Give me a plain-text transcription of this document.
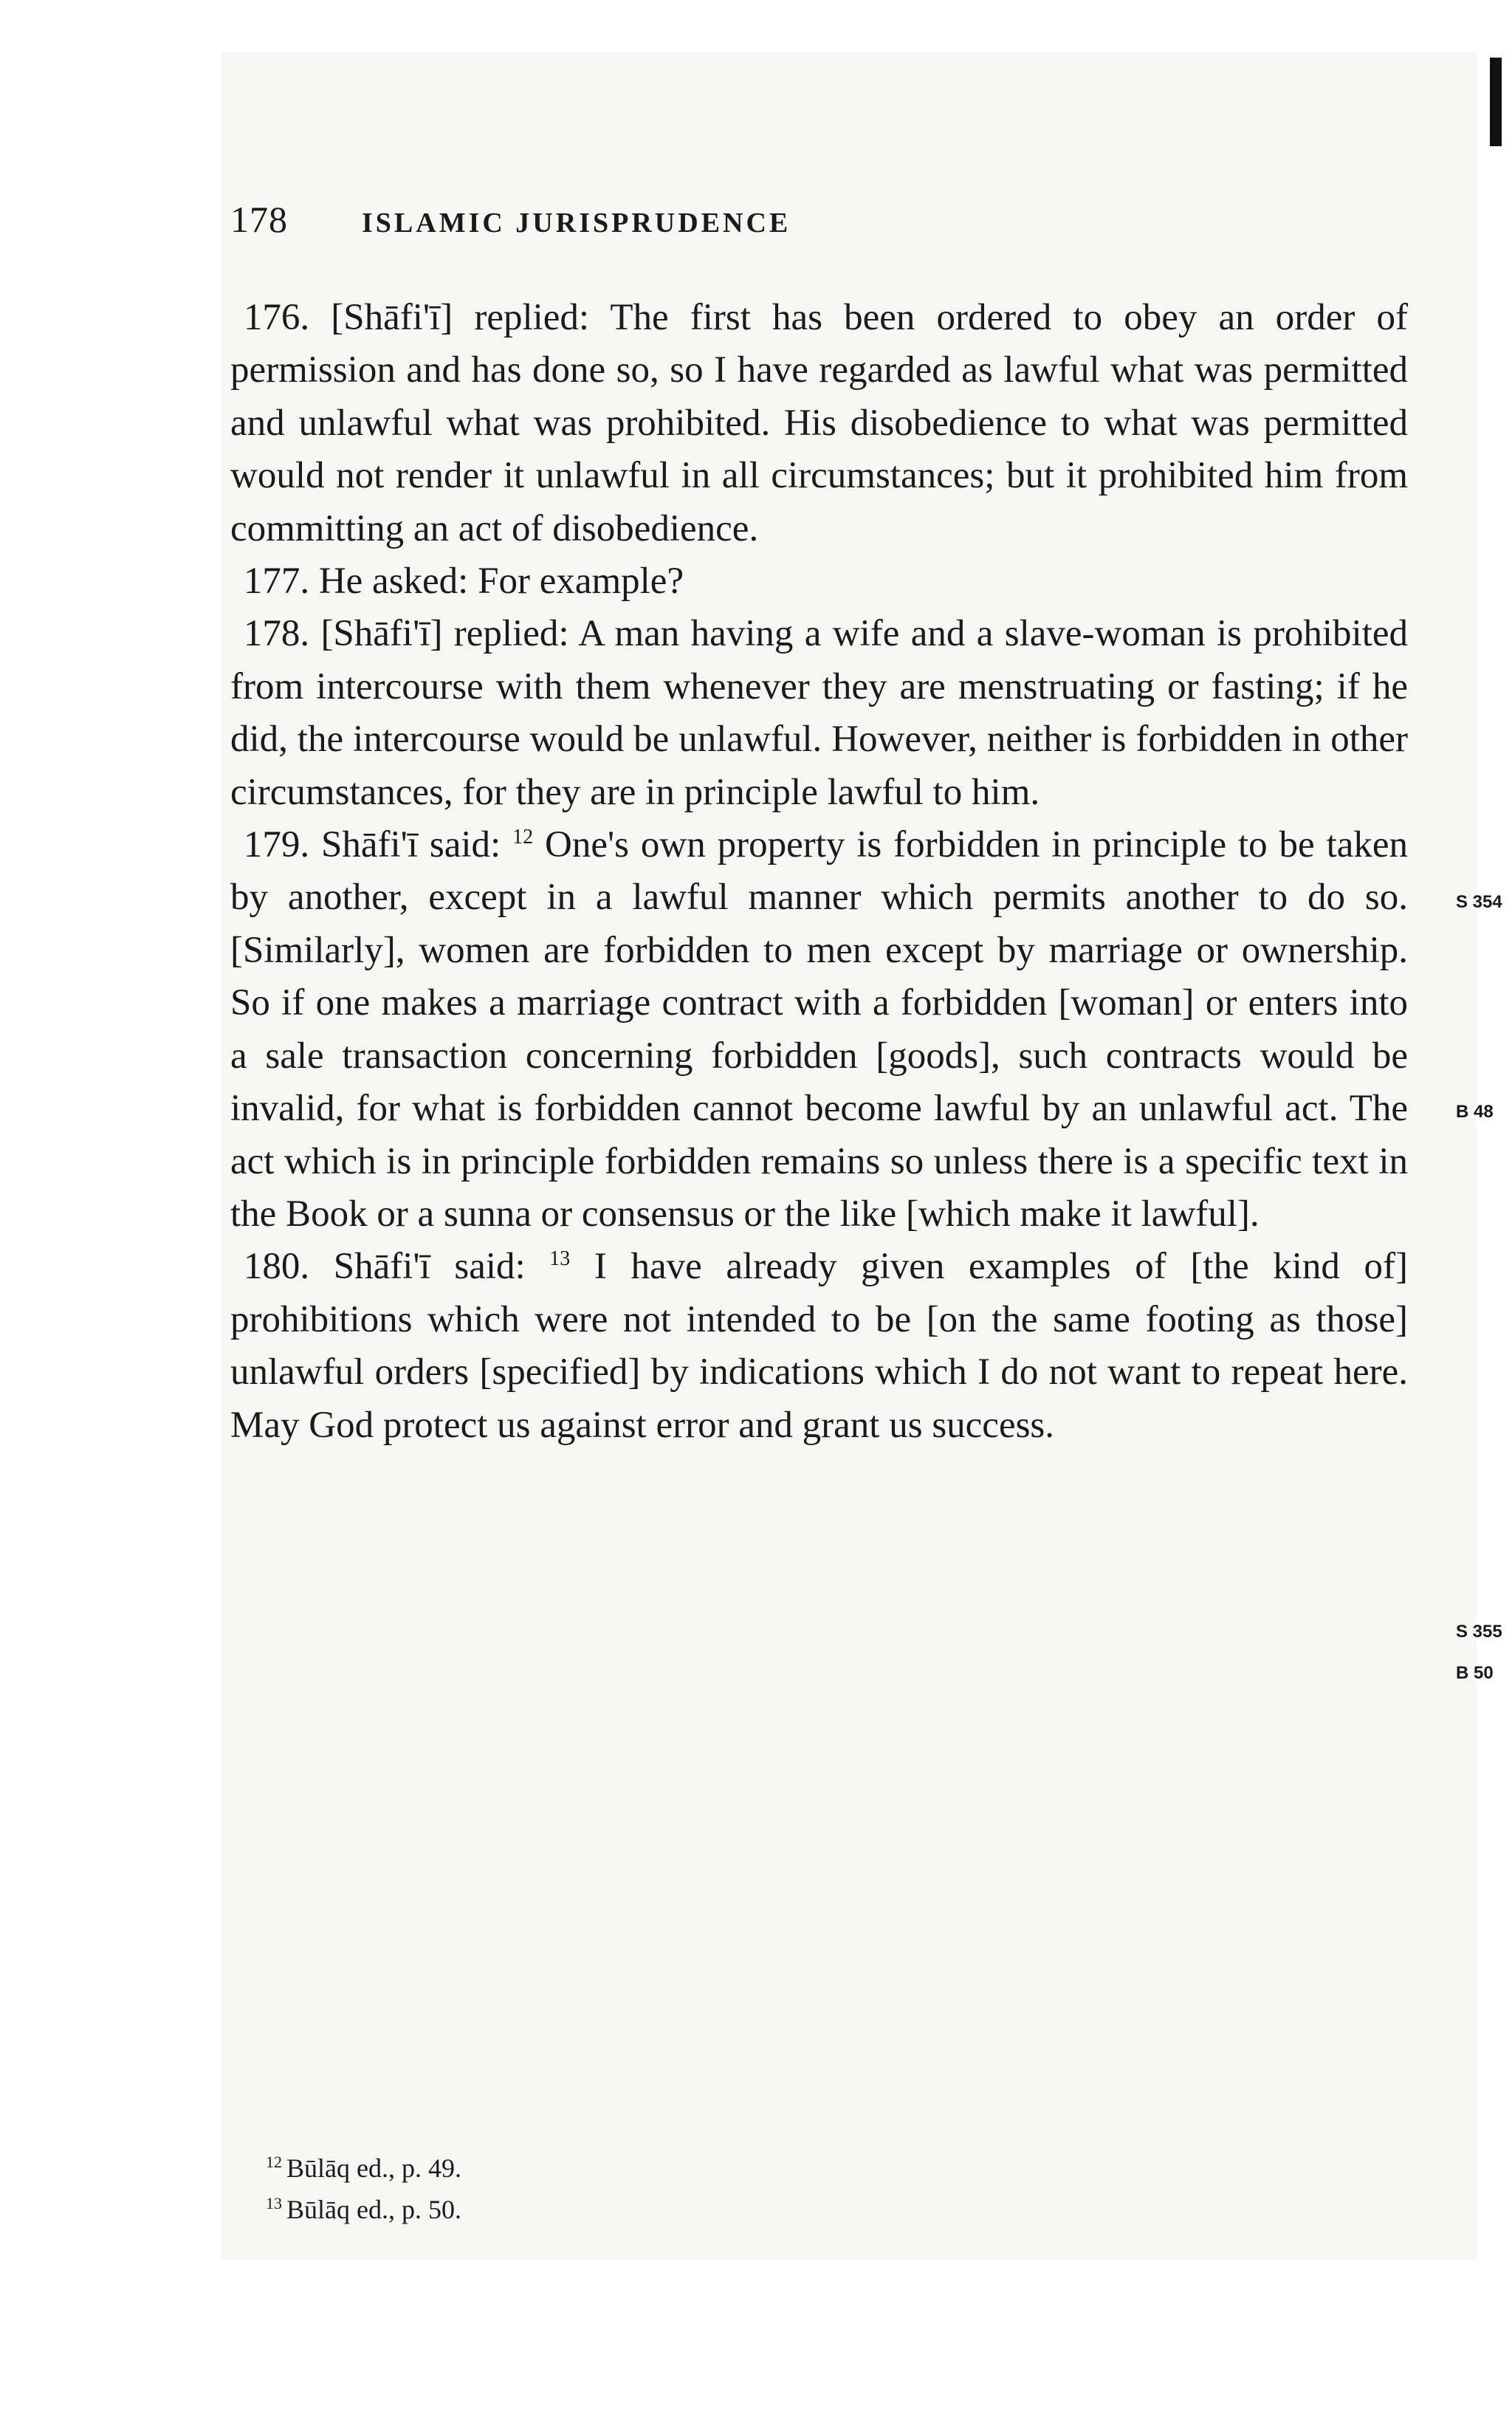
178	ISLAMIC JURISPRUDENCE

176. [Shāfi'ī] replied: The first has been ordered to obey an order of permission and has done so, so I have regarded as lawful what was permitted and unlawful what was prohibited. His disobedience to what was permitted would not render it unlawful in all circumstances; but it prohibited him from committing an act of disobedience.

177. He asked: For example?

178. [Shāfi'ī] replied: A man having a wife and a slave-woman is prohibited from intercourse with them whenever they are menstruating or fasting; if he did, the intercourse would be unlawful. However, neither is forbidden in other circumstances, for they are in principle lawful to him.

179. Shāfi'ī said: $^{12}$ One's own property is forbidden in principle to be taken by another, except in a lawful manner which permits another to do so. [Similarly], women are forbidden to men except by marriage or ownership. So if one makes a marriage contract with a forbidden [woman] or enters into a sale transaction concerning forbidden [goods], such contracts would be invalid, for what is forbidden cannot become lawful by an unlawful act. The act which is in principle forbidden remains so unless there is a specific text in the Book or a sunna or consensus or the like [which make it lawful].

180. Shāfi'ī said: $^{13}$ I have already given examples of [the kind of] prohibitions which were not intended to be [on the same footing as those] unlawful orders [specified] by indications which I do not want to repeat here. May God protect us against error and grant us success.

S 354
B 48
S 355
B 50
$^{12}$ Būlāq ed., p. 49.
$^{13}$ Būlāq ed., p. 50.
